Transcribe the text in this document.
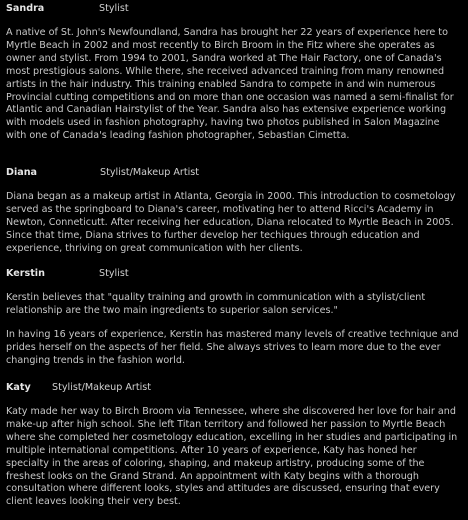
Sandra	Stylist

A native of St. John's Newfoundland, Sandra has brought her 22 years of experience here to Myrtle Beach in 2002 and most recently to Birch Broom in the Fitz where she operates as owner and stylist. From 1994 to 2001, Sandra worked at The Hair Factory, one of Canada's most prestigious salons. While there, she received advanced training from many renowned artists in the hair industry. This training enabled Sandra to compete in and win numerous Provincial cutting competitions and on more than one occasion was named a semi-finalist for Atlantic and Canadian Hairstylist of the Year. Sandra also has extensive experience working with models used in fashion photography, having two photos published in Salon Magazine with one of Canada's leading fashion photographer, Sebastian Cimetta.

Diana	Stylist/Makeup Artist

Diana began as a makeup artist in Atlanta, Georgia in 2000. This introduction to cosmetology served as the springboard to Diana's career, motivating her to attend Ricci's Academy in Newton, Conneticutt. After receiving her education, Diana relocated to Myrtle Beach in 2005. Since that time, Diana strives to further develop her techiques through education and experience, thriving on great communication with her clients.

Kerstin	Stylist

Kerstin believes that "quality training and growth in communication with a stylist/client relationship are the two main ingredients to superior salon services."

In having 16 years of experience, Kerstin has mastered many levels of creative technique and prides herself on the aspects of her field. She always strives to learn more due to the ever changing trends in the fashion world.

Katy Stylist/Makeup Artist

Katy made her way to Birch Broom via Tennessee, where she discovered her love for hair and make-up after high school. She left Titan territory and followed her passion to Myrtle Beach where she completed her cosmetology education, excelling in her studies and participating in multiple international competitions. After 10 years of experience, Katy has honed her specialty in the areas of coloring, shaping, and makeup artistry, producing some of the freshest looks on the Grand Strand. An appointment with Katy begins with a thorough consultation where different looks, styles and attitudes are discussed, ensuring that every client leaves looking their very best.
